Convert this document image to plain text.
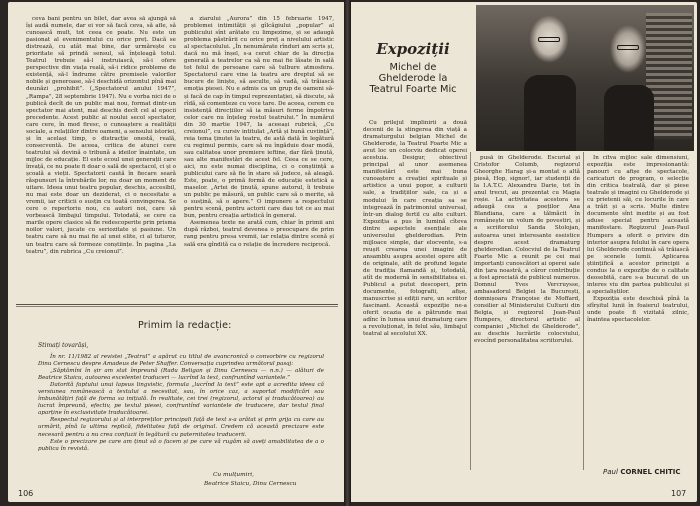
ceva bani pentru un bilet, dar avea să ajungă să își audă numele, dar ei vor să facă ceva, să afle, să cunoască mult, tot ceea ce poate. Nu este un pasionat al evenimentului cu orice preț. Dacă se distrează, cu atât mai bine, dar urmărește cu prioritate să prindă sensul, să înțeleagă totul. Teatrul trebuie să-l instruiască, să-i ofere perspective din viața reală, să-i ridice probleme de existență, să-l îndrume către premisele valorilor nobile și generoase, să-l deschidă orizontul pînă mai deunăzi „prohibit”. („Spectatorul anului 1947”, „Rampa”, 28 septembrie 1947). Nu e vorba nici de o publică decît de un public mai nou, format dintr-un spectator mai atent, mai deschis decît cel al epocii precedente. Acest public al noului secol spectator, care cere, în mod firesc, o cunoaștere a realității sociale, a relațiilor dintre oameni, a sensului istoriei, și în același timp, o distracție onestă, reală, consecventă. De aceea, critica de atunci cere teatrului să devină o tribună a ideilor înaintate, un mijloc de educație. El este ecoul unei generații care învață, ce nu poate fi doar o sală de spectacol, ci și o școală a vieții. Spectatorii caută în fiecare seară răspunsuri la întrebările lor, nu doar un moment de uitare. Ideea unui teatru popular, deschis, accesibil, nu mai este doar un deziderat, ci o necesitate a vremii, iar criticii o susțin cu toată convingerea. Se cere o repertoriu nou, cu autori noi, care să vorbească limbajul timpului. Totodată, se cere ca marile opere clasice să fie redescoperite prin prisma noilor valori, jucate cu seriozitate și pasiune. Un teatru care să nu mai fie al unei elite, ci al tuturor, un teatru care să formeze conștiințe. În pagina „La teatru”, din rubrica „Cu creionul”.

a ziarului „Aurora” din 15 februarie 1947, problemei intimității și gîlcăgiului „popular” al publicului sînt arătate cu limpezime, și se adaugă problema păstrării cu orice preț a nivelului artistic al spectacolului. „În nenumărate rînduri am scris și, dacă nu mă înșel, s-a cerut chiar de la direcția generală a teatrelor ca să nu mai fie lăsate în sală tot felul de persoane care să tulbure atmosfera. Spectatorul care vine la teatru are dreptul să se bucure de liniște, să asculte, să vadă, să trăiască emoția piesei. Nu e admis ca un grup de oameni să-și facă de cap în timpul reprezentației, să discute, să rîdă, să comenteze cu voce tare. De aceea, cerem cu insistență direcțiilor să ia măsuri ferme împotriva celor care nu înțeleg rostul teatrului.” În numărul din 30 martie 1947, la aceeași rubrică, „Cu creionul”, cu cursiv intitulat „Artă și bună cuviință”, reia tema ținutei la teatru, de astă dată în legătură cu regimul permis, care să nu îngăduie doar modă, sau calitatea unor premiere ieftine, dar fără ținută, sau alte manifestări de acest fel. Ceea ce se cere, aici, nu este numai disciplina, ci o conștiință a publicului care să fie în stare să judece, să aleagă. Este, poate, o primă formă de educație estetică a maselor. „Artei de ținută, spune autorul, îi trebuie un public pe măsură, un public care să o merite, să o susțină, să o apere.” O impunere a respectului pentru scenă, pentru actorii care dau tot ce au mai bun, pentru creația artistică în general.

Asemenea texte ne arată cum, chiar în primii ani după război, teatrul devenea o preocupare de prim rang pentru presa vremii, iar relația dintre scenă și sală era gîndită ca o relație de încredere reciprocă.

Primim la redacție:
Stimați tovarăși,

În nr. 11/1982 al revistei „Teatrul” a apărut cu titlul de avancronică o convorbire cu regizorul Dinu Cernescu despre Amadeus de Peter Shaffer. Conversația cuprindea următorul pasaj:

„Săptămîni în șir am stat împreună (Radu Beligan și Dinu Cernescu — n.n.) — alături de Beatrice Staicu, autoarea excelentei traduceri — lucrînd la text, confruntînd variantele.”

Datorită faptului unui lapsus lingvistic, formula „lucrînd la text” este apt a acredita ideea că versiunea românească a textului a necesitat, sau, în orice caz, a suportat modificări sau îmbunătățiri față de forma sa inițială. În realitate, cei trei (regizorul, actorul și traducătoarea) au lucrat împreună, efectiv, pe textul piesei, confruntînd variantele de traducere, dar textul final aparține în exclusivitate traducătoarei.

Respectul regizorului și al interpreților principali față de text s-a arătat și prin grija cu care au urmărit, pînă la ultima replică, fidelitatea față de original. Credem că această precizare este necesară pentru a nu crea confuzii în legătură cu paternitatea traducerii.

Este o precizare pe care am ținut să o facem și pe care vă rugăm să aveți amabilitatea de a o publica în revistă.

Cu mulțumiri,
Beatrice Staicu, Dinu Cernescu
106
Expoziții
Michel de Ghelderode la Teatrul Foarte Mic

Cu prilejul împlinirii a două decenii de la stingerea din viață a dramaturgului belgian Michel de Ghelderode, la Teatrul Foarte Mic a avut loc un colocviu dedicat operei acestuia. Desigur, obiectivul principal al unor asemenea manifestări este mai buna cunoaștere a creației spirituale și artistice a unui popor, a culturii sale, a tradițiilor sale, ca și a modului în care creația sa se integrează în patrimoniul universal, într-un dialog fertil cu alte culturi. Expoziția a pus în lumină cîteva dintre aspectele esențiale ale universului ghelderodian. Prin mijloace simple, dar elocvente, s-a reușit crearea unei imagini de ansamblu asupra acestei opere atît de originale, atît de profund legate de tradiția flamandă și, totodată, atît de modernă în sensibilitatea ei. Publicul a putut descoperi, prin documente, fotografii, afișe, manuscrise și ediții rare, un scriitor fascinant. Această expoziție ne-a oferit ocazia de a pătrunde mai adînc în lumea unui dramaturg care a revoluționat, în felul său, limbajul teatral al secolului XX.

pusă în Ghelderode. Escurial și Cristofor Columb, regizorul Gheorghe Harag și-a montat o altă piesă, Hop, signor!, iar studenții de la I.A.T.C. Alexandru Darie, tot în anul trecut, au prezentat cu Magia roșie. La activitatea acestora se adaugă cea a poeților Ana Blandiana, care a tălmăcit în românește un volum de povestiri, și a scriitorului Sanda Stolojan, autoarea unei interesante eseistice despre acest dramaturg ghelderodian. Colocviul de la Teatrul Foarte Mic a reunit pe cei mai importanți cunoscători ai operei sale din țara noastră, a căror contribuție a fost apreciată de publicul numeros. Domnul Yves Vercruysse, ambasadorul Belgiei la București, domnișoara Françoise de Moffard, consilier al Ministerului Culturii din Belgia, și regizorul Jean-Paul Humpers, directorul artistic al companiei „Michel de Ghelderode”, au deschis lucrările colocviului, evocînd personalitatea scriitorului.

În cîtva mijloc sale dimensiuni, expoziția este impresionantă: panouri cu afișe de spectacole, caricaturi de program, o selecție din critica teatrală, dar și piese teatrale și imagini cu Ghelderode și cu prietenii săi, cu locurile în care a trăit și a scris. Multe dintre documente sînt inedite și au fost aduse special pentru această manifestare. Regizorul Jean-Paul Humpers a oferit o privire din interior asupra felului în care opera lui Ghelderode continuă să trăiască pe scenele lumii. Aplicarea științifică a acestor principii a condus la o expoziție de o calitate deosebită, care s-a bucurat de un interes viu din partea publicului și a specialiștilor.

Expoziția este deschisă pînă la sfîrșitul lunii în foaierul teatrului, unde poate fi vizitată zilnic, înaintea spectacolelor.

Paul CORNEL CHITIC
107
